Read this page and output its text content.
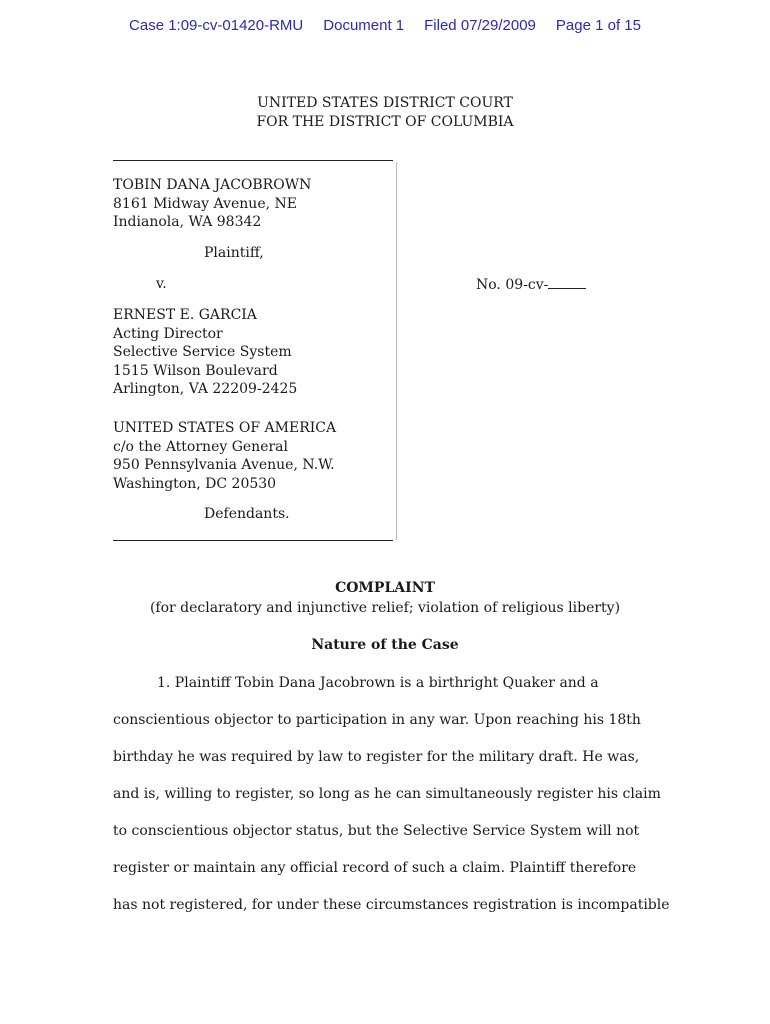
Case 1:09-cv-01420-RMU Document 1 Filed 07/29/2009 Page 1 of 15
UNITED STATES DISTRICT COURT
FOR THE DISTRICT OF COLUMBIA
TOBIN DANA JACOBROWN
8161 Midway Avenue, NE
Indianola, WA 98342
Plaintiff,
v.	No. 09-cv-
ERNEST E. GARCIA
Acting Director
Selective Service System
1515 Wilson Boulevard
Arlington, VA 22209-2425
UNITED STATES OF AMERICA
c/o the Attorney General
950 Pennsylvania Avenue, N.W.
Washington, DC 20530
Defendants.
COMPLAINT
(for declaratory and injunctive relief; violation of religious liberty)
Nature of the Case
1. Plaintiff Tobin Dana Jacobrown is a birthright Quaker and a
conscientious objector to participation in any war. Upon reaching his 18th
birthday he was required by law to register for the military draft. He was,
and is, willing to register, so long as he can simultaneously register his claim
to conscientious objector status, but the Selective Service System will not
register or maintain any official record of such a claim. Plaintiff therefore
has not registered, for under these circumstances registration is incompatible
